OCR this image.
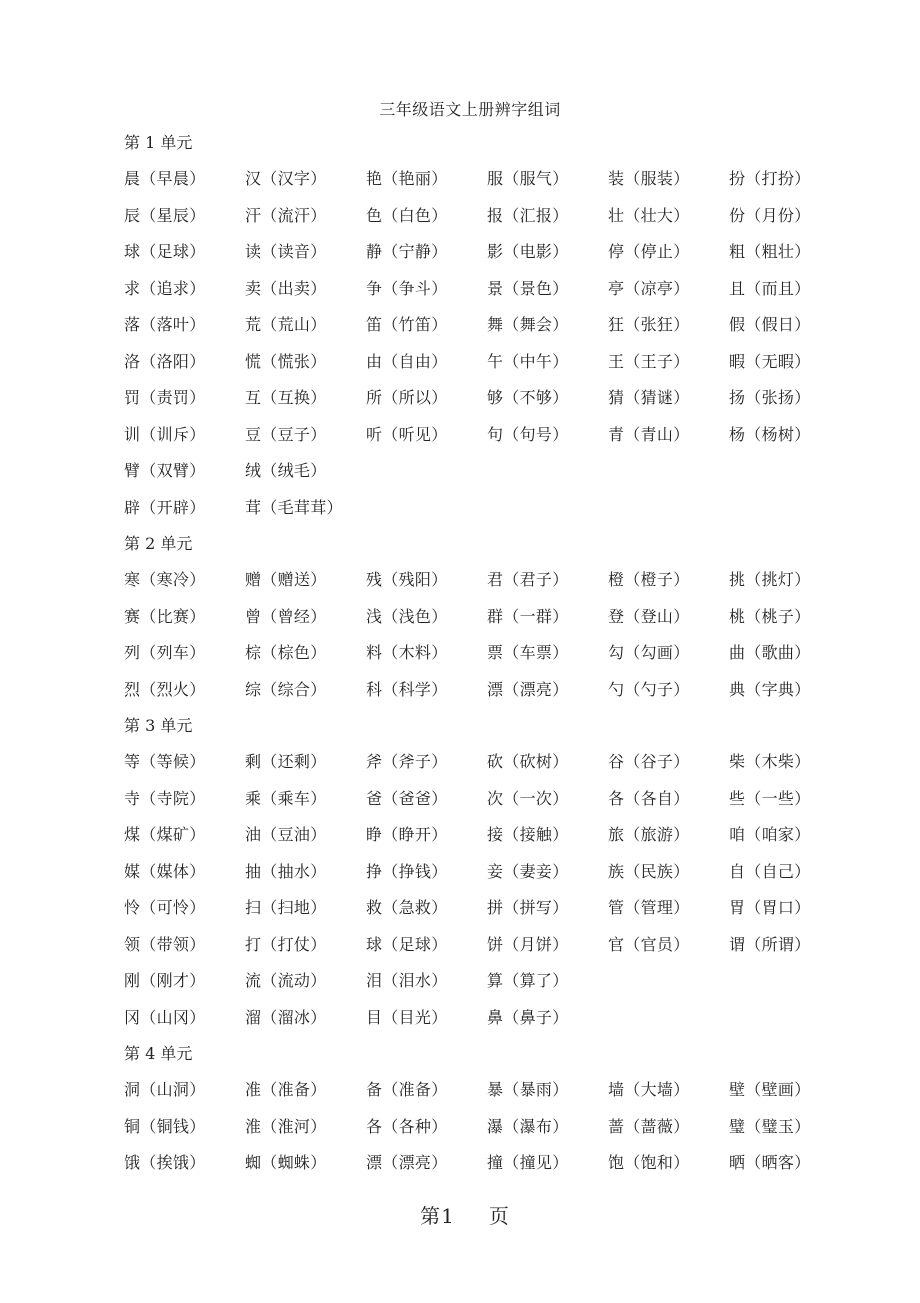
三年级语文上册辨字组词
第 1 单元
晨（早晨）	汉（汉字）	艳（艳丽）	服（服气）	装（服装）	扮（打扮）
辰（星辰）	汗（流汗）	色（白色）	报（汇报）	壮（壮大）	份（月份）
球（足球）	读（读音）	静（宁静）	影（电影）	停（停止）	粗（粗壮）
求（追求）	卖（出卖）	争（争斗）	景（景色）	亭（凉亭）	且（而且）
落（落叶）	荒（荒山）	笛（竹笛）	舞（舞会）	狂（张狂）	假（假日）
洛（洛阳）	慌（慌张）	由（自由）	午（中午）	王（王子）	暇（无暇）
罚（责罚）	互（互换）	所（所以）	够（不够）	猜（猜谜）	扬（张扬）
训（训斥）	豆（豆子）	听（听见）	句（句号）	青（青山）	杨（杨树）
臂（双臂）	绒（绒毛）
辟（开辟）	茸（毛茸茸）
第 2 单元
寒（寒冷）	赠（赠送）	残（残阳）	君（君子）	橙（橙子）	挑（挑灯）
赛（比赛）	曾（曾经）	浅（浅色）	群（一群）	登（登山）	桃（桃子）
列（列车）	棕（棕色）	料（木料）	票（车票）	勾（勾画）	曲（歌曲）
烈（烈火）	综（综合）	科（科学）	漂（漂亮）	勺（勺子）	典（字典）
第 3 单元
等（等候）	剩（还剩）	斧（斧子）	砍（砍树）	谷（谷子）	柴（木柴）
寺（寺院）	乘（乘车）	爸（爸爸）	次（一次）	各（各自）	些（一些）
煤（煤矿）	油（豆油）	睁（睁开）	接（接触）	旅（旅游）	咱（咱家）
媒（媒体）	抽（抽水）	挣（挣钱）	妾（妻妾）	族（民族）	自（自己）
怜（可怜）	扫（扫地）	救（急救）	拼（拼写）	管（管理）	胃（胃口）
领（带领）	打（打仗）	球（足球）	饼（月饼）	官（官员）	谓（所谓）
刚（刚才）	流（流动）	泪（泪水）	算（算了）
冈（山冈）	溜（溜冰）	目（目光）	鼻（鼻子）
第 4 单元
洞（山洞）	准（准备）	备（准备）	暴（暴雨）	墙（大墙）	壁（壁画）
铜（铜钱）	淮（淮河）	各（各种）	瀑（瀑布）	蔷（蔷薇）	璧（璧玉）
饿（挨饿）	蜘（蜘蛛）	漂（漂亮）	撞（撞见）	饱（饱和）	晒（晒客）
第1 页
